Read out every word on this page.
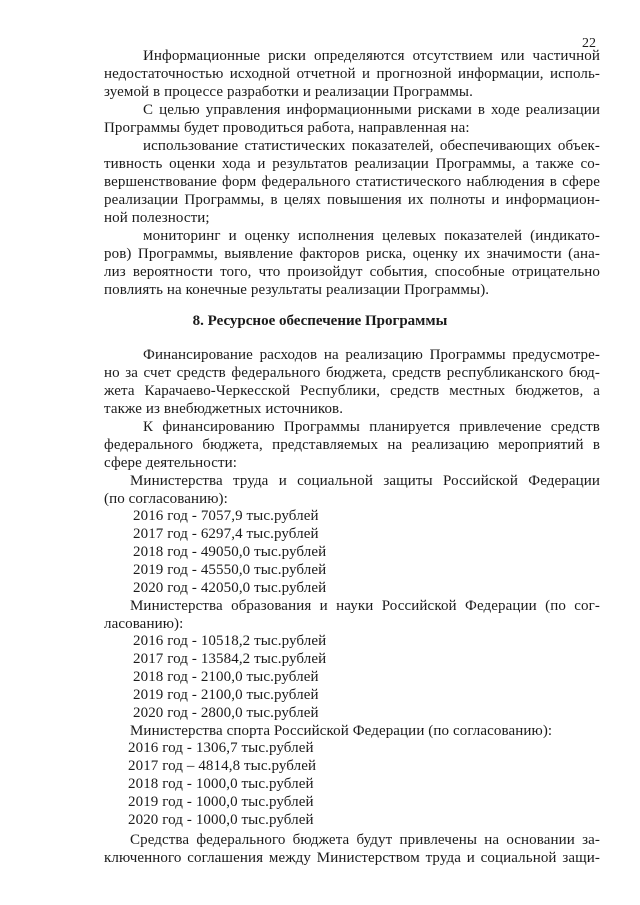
22
Информационные риски определяются отсутствием или частичной
недостаточностью исходной отчетной и прогнозной информации, исполь-
зуемой в процессе разработки и реализации Программы.
С целью управления информационными рисками в ходе реализации
Программы будет проводиться работа, направленная на:
использование статистических показателей, обеспечивающих объек-
тивность оценки хода и результатов реализации Программы, а также со-
вершенствование форм федерального статистического наблюдения в сфере
реализации Программы, в целях повышения их полноты и информацион-
ной полезности;
мониторинг и оценку исполнения целевых показателей (индикато-
ров) Программы, выявление факторов риска, оценку их значимости (ана-
лиз вероятности того, что произойдут события, способные отрицательно
повлиять на конечные результаты реализации Программы).
8. Ресурсное обеспечение Программы
Финансирование расходов на реализацию Программы предусмотре-
но за счет средств федерального бюджета, средств республиканского бюд-
жета Карачаево-Черкесской Республики, средств местных бюджетов, а
также из внебюджетных источников.
К финансированию Программы планируется привлечение средств
федерального бюджета, представляемых на реализацию мероприятий в
сфере деятельности:
Министерства труда и социальной защиты Российской Федерации
(по согласованию):
2016 год - 7057,9 тыс.рублей
2017 год - 6297,4 тыс.рублей
2018 год - 49050,0 тыс.рублей
2019 год - 45550,0 тыс.рублей
2020 год - 42050,0 тыс.рублей
Министерства образования и науки Российской Федерации (по сог-
ласованию):
2016 год - 10518,2 тыс.рублей
2017 год - 13584,2 тыс.рублей
2018 год - 2100,0 тыс.рублей
2019 год - 2100,0 тыс.рублей
2020 год - 2800,0 тыс.рублей
Министерства спорта Российской Федерации (по согласованию):
2016 год - 1306,7 тыс.рублей
2017 год – 4814,8 тыс.рублей
2018 год - 1000,0 тыс.рублей
2019 год - 1000,0 тыс.рублей
2020 год - 1000,0 тыс.рублей
Средства федерального бюджета будут привлечены на основании за-
ключенного соглашения между Министерством труда и социальной защи-
